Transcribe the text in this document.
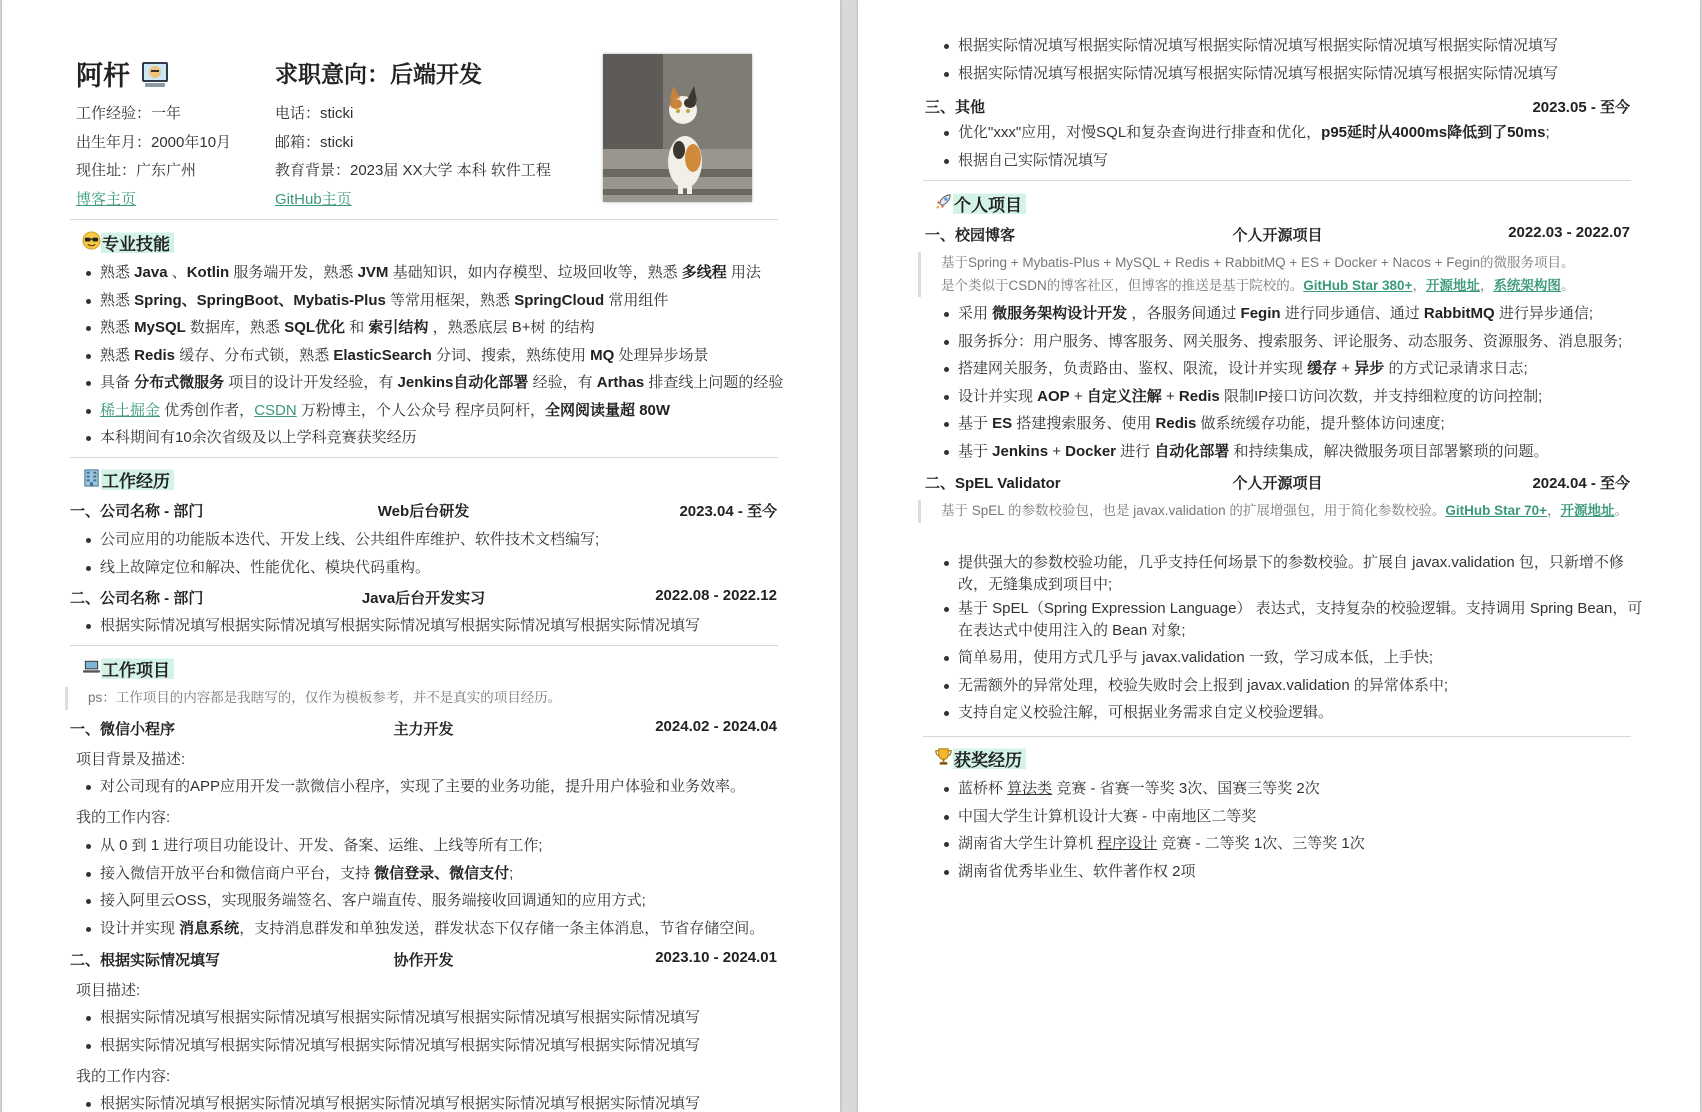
阿杆	求职意向：后端开发
工作经验：一年
出生年月：2000年10月
现住址：广东广州
博客主页
电话：sticki
邮箱：sticki
教育背景：2023届 XX大学 本科 软件工程
GitHub主页
专业技能
熟悉 Java 、Kotlin 服务端开发，熟悉 JVM 基础知识，如内存模型、垃圾回收等，熟悉 多线程 用法
熟悉 Spring、SpringBoot、Mybatis-Plus 等常用框架，熟悉 SpringCloud 常用组件
熟悉 MySQL 数据库，熟悉 SQL优化 和 索引结构 ，熟悉底层 B+树 的结构
熟悉 Redis 缓存、分布式锁，熟悉 ElasticSearch 分词、搜索，熟练使用 MQ 处理异步场景
具备 分布式微服务 项目的设计开发经验，有 Jenkins自动化部署 经验，有 Arthas 排查线上问题的经验
稀土掘金 优秀创作者，CSDN 万粉博主，个人公众号 程序员阿杆，全网阅读量超 80W
本科期间有10余次省级及以上学科竞赛获奖经历
工作经历
一、公司名称 - 部门	Web后台研发	2023.04 - 至今
公司应用的功能版本迭代、开发上线、公共组件库维护、软件技术文档编写;
线上故障定位和解决、性能优化、模块代码重构。
二、公司名称 - 部门	Java后台开发实习	2022.08 - 2022.12
根据实际情况填写根据实际情况填写根据实际情况填写根据实际情况填写根据实际情况填写
工作项目
ps：工作项目的内容都是我瞎写的，仅作为模板参考，并不是真实的项目经历。
一、微信小程序	主力开发	2024.02 - 2024.04
项目背景及描述:
对公司现有的APP应用开发一款微信小程序，实现了主要的业务功能，提升用户体验和业务效率。
我的工作内容:
从 0 到 1 进行项目功能设计、开发、备案、运维、上线等所有工作;
接入微信开放平台和微信商户平台，支持 微信登录、微信支付;
接入阿里云OSS，实现服务端签名、客户端直传、服务端接收回调通知的应用方式;
设计并实现 消息系统，支持消息群发和单独发送，群发状态下仅存储一条主体消息，节省存储空间。
二、根据实际情况填写	协作开发	2023.10 - 2024.01
项目描述:
根据实际情况填写根据实际情况填写根据实际情况填写根据实际情况填写根据实际情况填写
根据实际情况填写根据实际情况填写根据实际情况填写根据实际情况填写根据实际情况填写
我的工作内容:
根据实际情况填写根据实际情况填写根据实际情况填写根据实际情况填写根据实际情况填写
根据实际情况填写根据实际情况填写根据实际情况填写根据实际情况填写根据实际情况填写
根据实际情况填写根据实际情况填写根据实际情况填写根据实际情况填写根据实际情况填写
三、其他	2023.05 - 至今
优化"xxx"应用，对慢SQL和复杂查询进行排查和优化，p95延时从4000ms降低到了50ms;
根据自己实际情况填写
个人项目
一、校园博客	个人开源项目	2022.03 - 2022.07
基于Spring + Mybatis-Plus + MySQL + Redis + RabbitMQ + ES + Docker + Nacos + Fegin的微服务项目。
是个类似于CSDN的博客社区，但博客的推送是基于院校的。GitHub Star 380+，开源地址，系统架构图。
采用 微服务架构设计开发 ，各服务间通过 Fegin 进行同步通信、通过 RabbitMQ 进行异步通信;
服务拆分：用户服务、博客服务、网关服务、搜索服务、评论服务、动态服务、资源服务、消息服务;
搭建网关服务，负责路由、鉴权、限流，设计并实现 缓存 + 异步 的方式记录请求日志;
设计并实现 AOP + 自定义注解 + Redis 限制IP接口访问次数，并支持细粒度的访问控制;
基于 ES 搭建搜索服务、使用 Redis 做系统缓存功能，提升整体访问速度;
基于 Jenkins + Docker 进行 自动化部署 和持续集成，解决微服务项目部署繁琐的问题。
二、SpEL Validator	个人开源项目	2024.04 - 至今
基于 SpEL 的参数校验包，也是 javax.validation 的扩展增强包，用于简化参数校验。GitHub Star 70+，开源地址。
提供强大的参数校验功能，几乎支持任何场景下的参数校验。扩展自 javax.validation 包，只新增不修改，无缝集成到项目中;
基于 SpEL（Spring Expression Language） 表达式，支持复杂的校验逻辑。支持调用 Spring Bean，可在表达式中使用注入的 Bean 对象;
简单易用，使用方式几乎与 javax.validation 一致，学习成本低，上手快;
无需额外的异常处理，校验失败时会上报到 javax.validation 的异常体系中;
支持自定义校验注解，可根据业务需求自定义校验逻辑。
获奖经历
蓝桥杯 算法类 竞赛 - 省赛一等奖 3次、国赛三等奖 2次
中国大学生计算机设计大赛 - 中南地区二等奖
湖南省大学生计算机 程序设计 竞赛 - 二等奖 1次、三等奖 1次
湖南省优秀毕业生、软件著作权 2项
